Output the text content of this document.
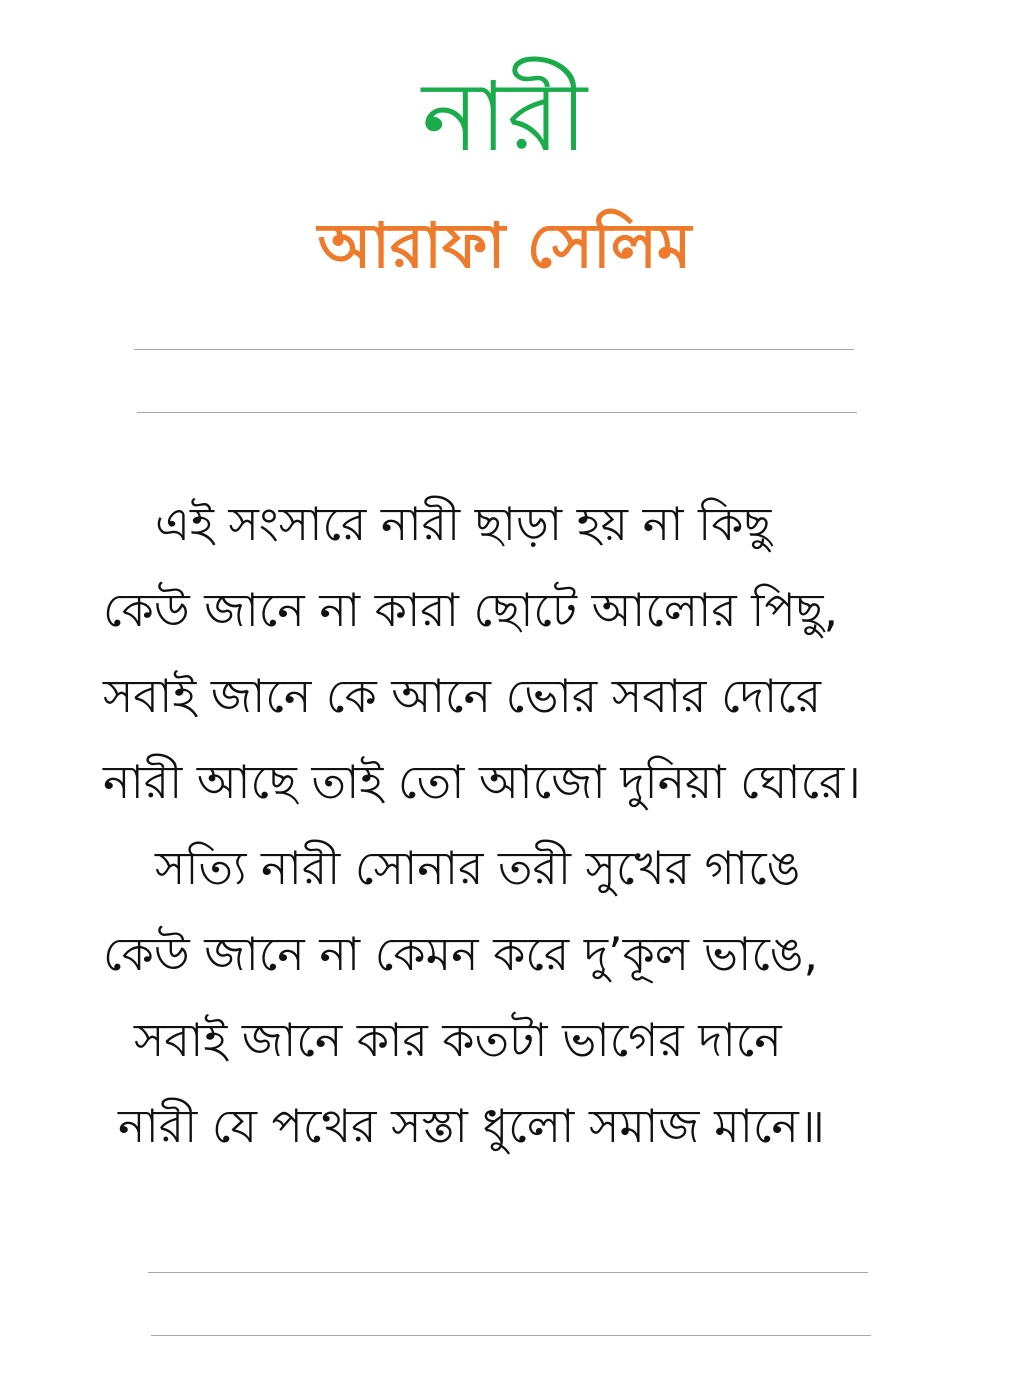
নারী
আরাফা সেলিম
এই সংসারে নারী ছাড়া হয় না কিছু
কেউ জানে না কারা ছোটে আলোর পিছু,
সবাই জানে কে আনে ভোর সবার দোরে
নারী আছে তাই তো আজো দুনিয়া ঘোরে।
সত্যি নারী সোনার তরী সুখের গাঙে
কেউ জানে না কেমন করে দু’কূল ভাঙে,
সবাই জানে কার কতটা ভাগের দানে
নারী যে পথের সস্তা ধুলো সমাজ মানে॥
